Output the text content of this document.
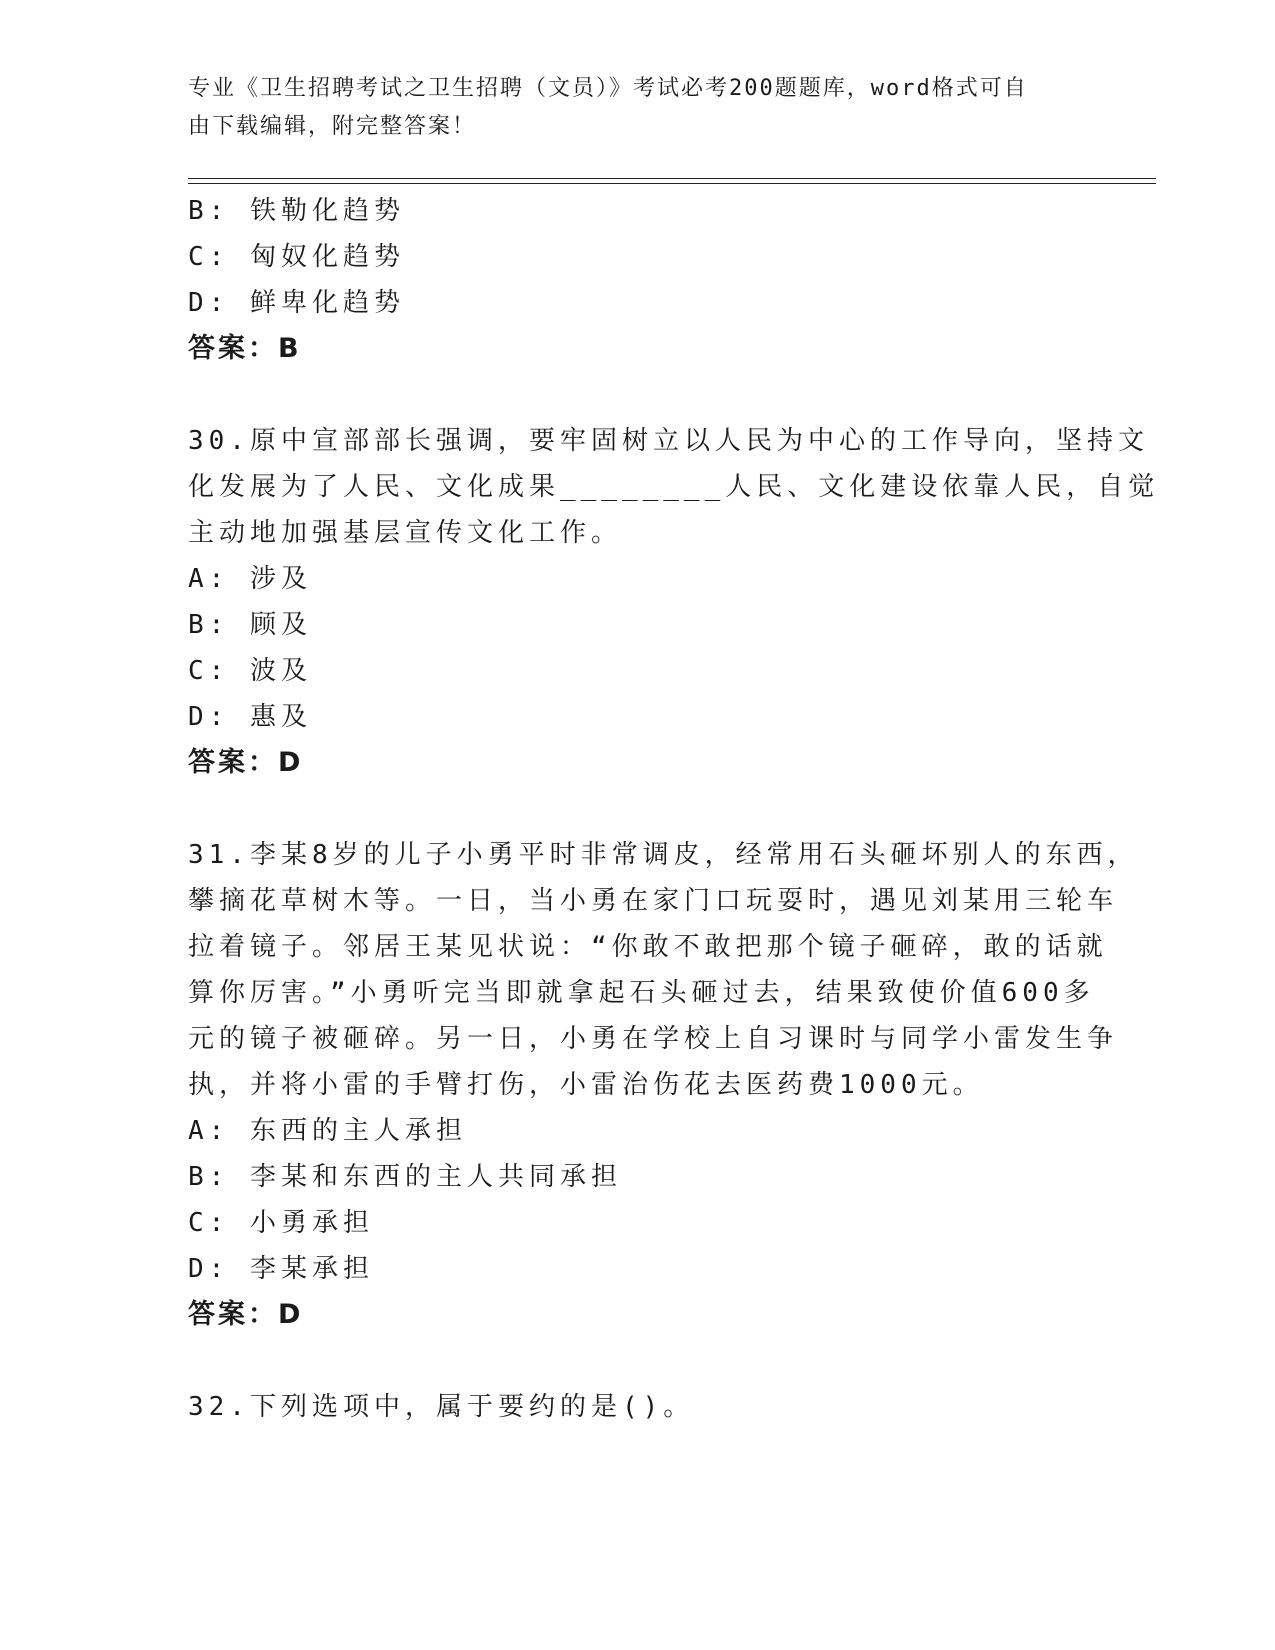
专业《卫生招聘考试之卫生招聘（文员）》考试必考200题题库，word格式可自
由下载编辑，附完整答案！
B: 铁勒化趋势
C: 匈奴化趋势
D: 鲜卑化趋势
答案：B
30.原中宣部部长强调，要牢固树立以人民为中心的工作导向，坚持文
化发展为了人民、文化成果________人民、文化建设依靠人民，自觉
主动地加强基层宣传文化工作。
A: 涉及
B: 顾及
C: 波及
D: 惠及
答案：D
31.李某8岁的儿子小勇平时非常调皮，经常用石头砸坏别人的东西，
攀摘花草树木等。一日，当小勇在家门口玩耍时，遇见刘某用三轮车
拉着镜子。邻居王某见状说：“你敢不敢把那个镜子砸碎，敢的话就
算你厉害。”小勇听完当即就拿起石头砸过去，结果致使价值600多
元的镜子被砸碎。另一日，小勇在学校上自习课时与同学小雷发生争
执，并将小雷的手臂打伤，小雷治伤花去医药费1000元。
A: 东西的主人承担
B: 李某和东西的主人共同承担
C: 小勇承担
D: 李某承担
答案：D
32.下列选项中，属于要约的是()。
